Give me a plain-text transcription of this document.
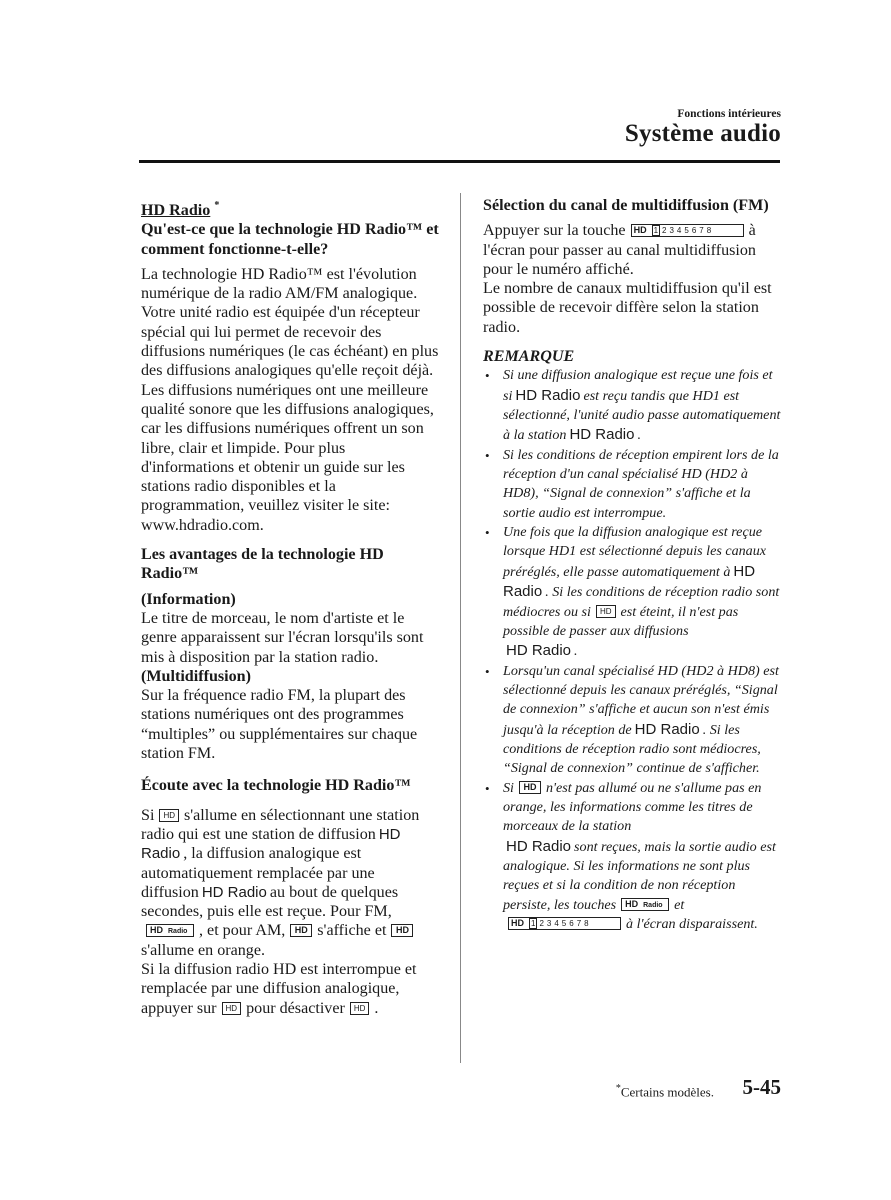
Fonctions intérieures
Système audio
HD Radio *
Qu'est-ce que la technologie HD Radio™ et comment fonctionne-t-elle?

La technologie HD Radio™ est l'évolution numérique de la radio AM/FM analogique. Votre unité radio est équipée d'un récepteur spécial qui lui permet de recevoir des diffusions numériques (le cas échéant) en plus des diffusions analogiques qu'elle reçoit déjà. Les diffusions numériques ont une meilleure qualité sonore que les diffusions analogiques, car les diffusions numériques offrent un son libre, clair et limpide. Pour plus d'informations et obtenir un guide sur les stations radio disponibles et la programmation, veuillez visiter le site: www.hdradio.com.

Les avantages de la technologie HD Radio™
(Information)

Le titre de morceau, le nom d'artiste et le genre apparaissent sur l'écran lorsqu'ils sont mis à disposition par la station radio.

(Multidiffusion)

Sur la fréquence radio FM, la plupart des stations numériques ont des programmes “multiples” ou supplémentaires sur chaque station FM.

Écoute avec la technologie HD Radio™

Si HD s'allume en sélectionnant une station radio qui est une station de diffusion HD Radio , la diffusion analogique est automatiquement remplacée par une diffusion HD Radio au bout de quelques secondes, puis elle est reçue. Pour FM,HD Radio , et pour AM, HD s'affiche et HDs'allume en orange.

Si la diffusion radio HD est interrompue et remplacée par une diffusion analogique, appuyer sur HD pour désactiver HD .

Sélection du canal de multidiffusion (FM)

Appuyer sur la touche HD 1 2345678 à l'écran pour passer au canal multidiffusion pour le numéro affiché.

Le nombre de canaux multidiffusion qu'il est possible de recevoir diffère selon la station radio.

REMARQUE

• Si une diffusion analogique est reçue une fois et si HD Radio est reçu tandis que HD1 est sélectionné, l'unité audio passe automatiquement à la station HD Radio .
• Si les conditions de réception empirent lors de la réception d'un canal spécialisé HD (HD2 à HD8), “Signal de connexion” s'affiche et la sortie audio est interrompue.
• Une fois que la diffusion analogique est reçue lorsque HD1 est sélectionné depuis les canaux préréglés, elle passe automatiquement à HD Radio . Si les conditions de réception radio sont médiocres ou si HD est éteint, il n'est pas possible de passer aux diffusions
HD Radio .
• Lorsqu'un canal spécialisé HD (HD2 à HD8) est sélectionné depuis les canaux préréglés, “Signal de connexion” s'affiche et aucun son n'est émis jusqu'à la réception de HD Radio . Si les conditions de réception radio sont médiocres, “Signal de connexion” continue de s'afficher.
• Si HD n'est pas allumé ou ne s'allume pas en orange, les informations comme les titres de morceaux de la station
HD Radio sont reçues, mais la sortie audio est analogique. Si les informations ne sont plus reçues et si la condition de non réception persiste, les touches HD Radio et
HD 1 2345678 à l'écran disparaissent.
*Certains modèles. 5-45
